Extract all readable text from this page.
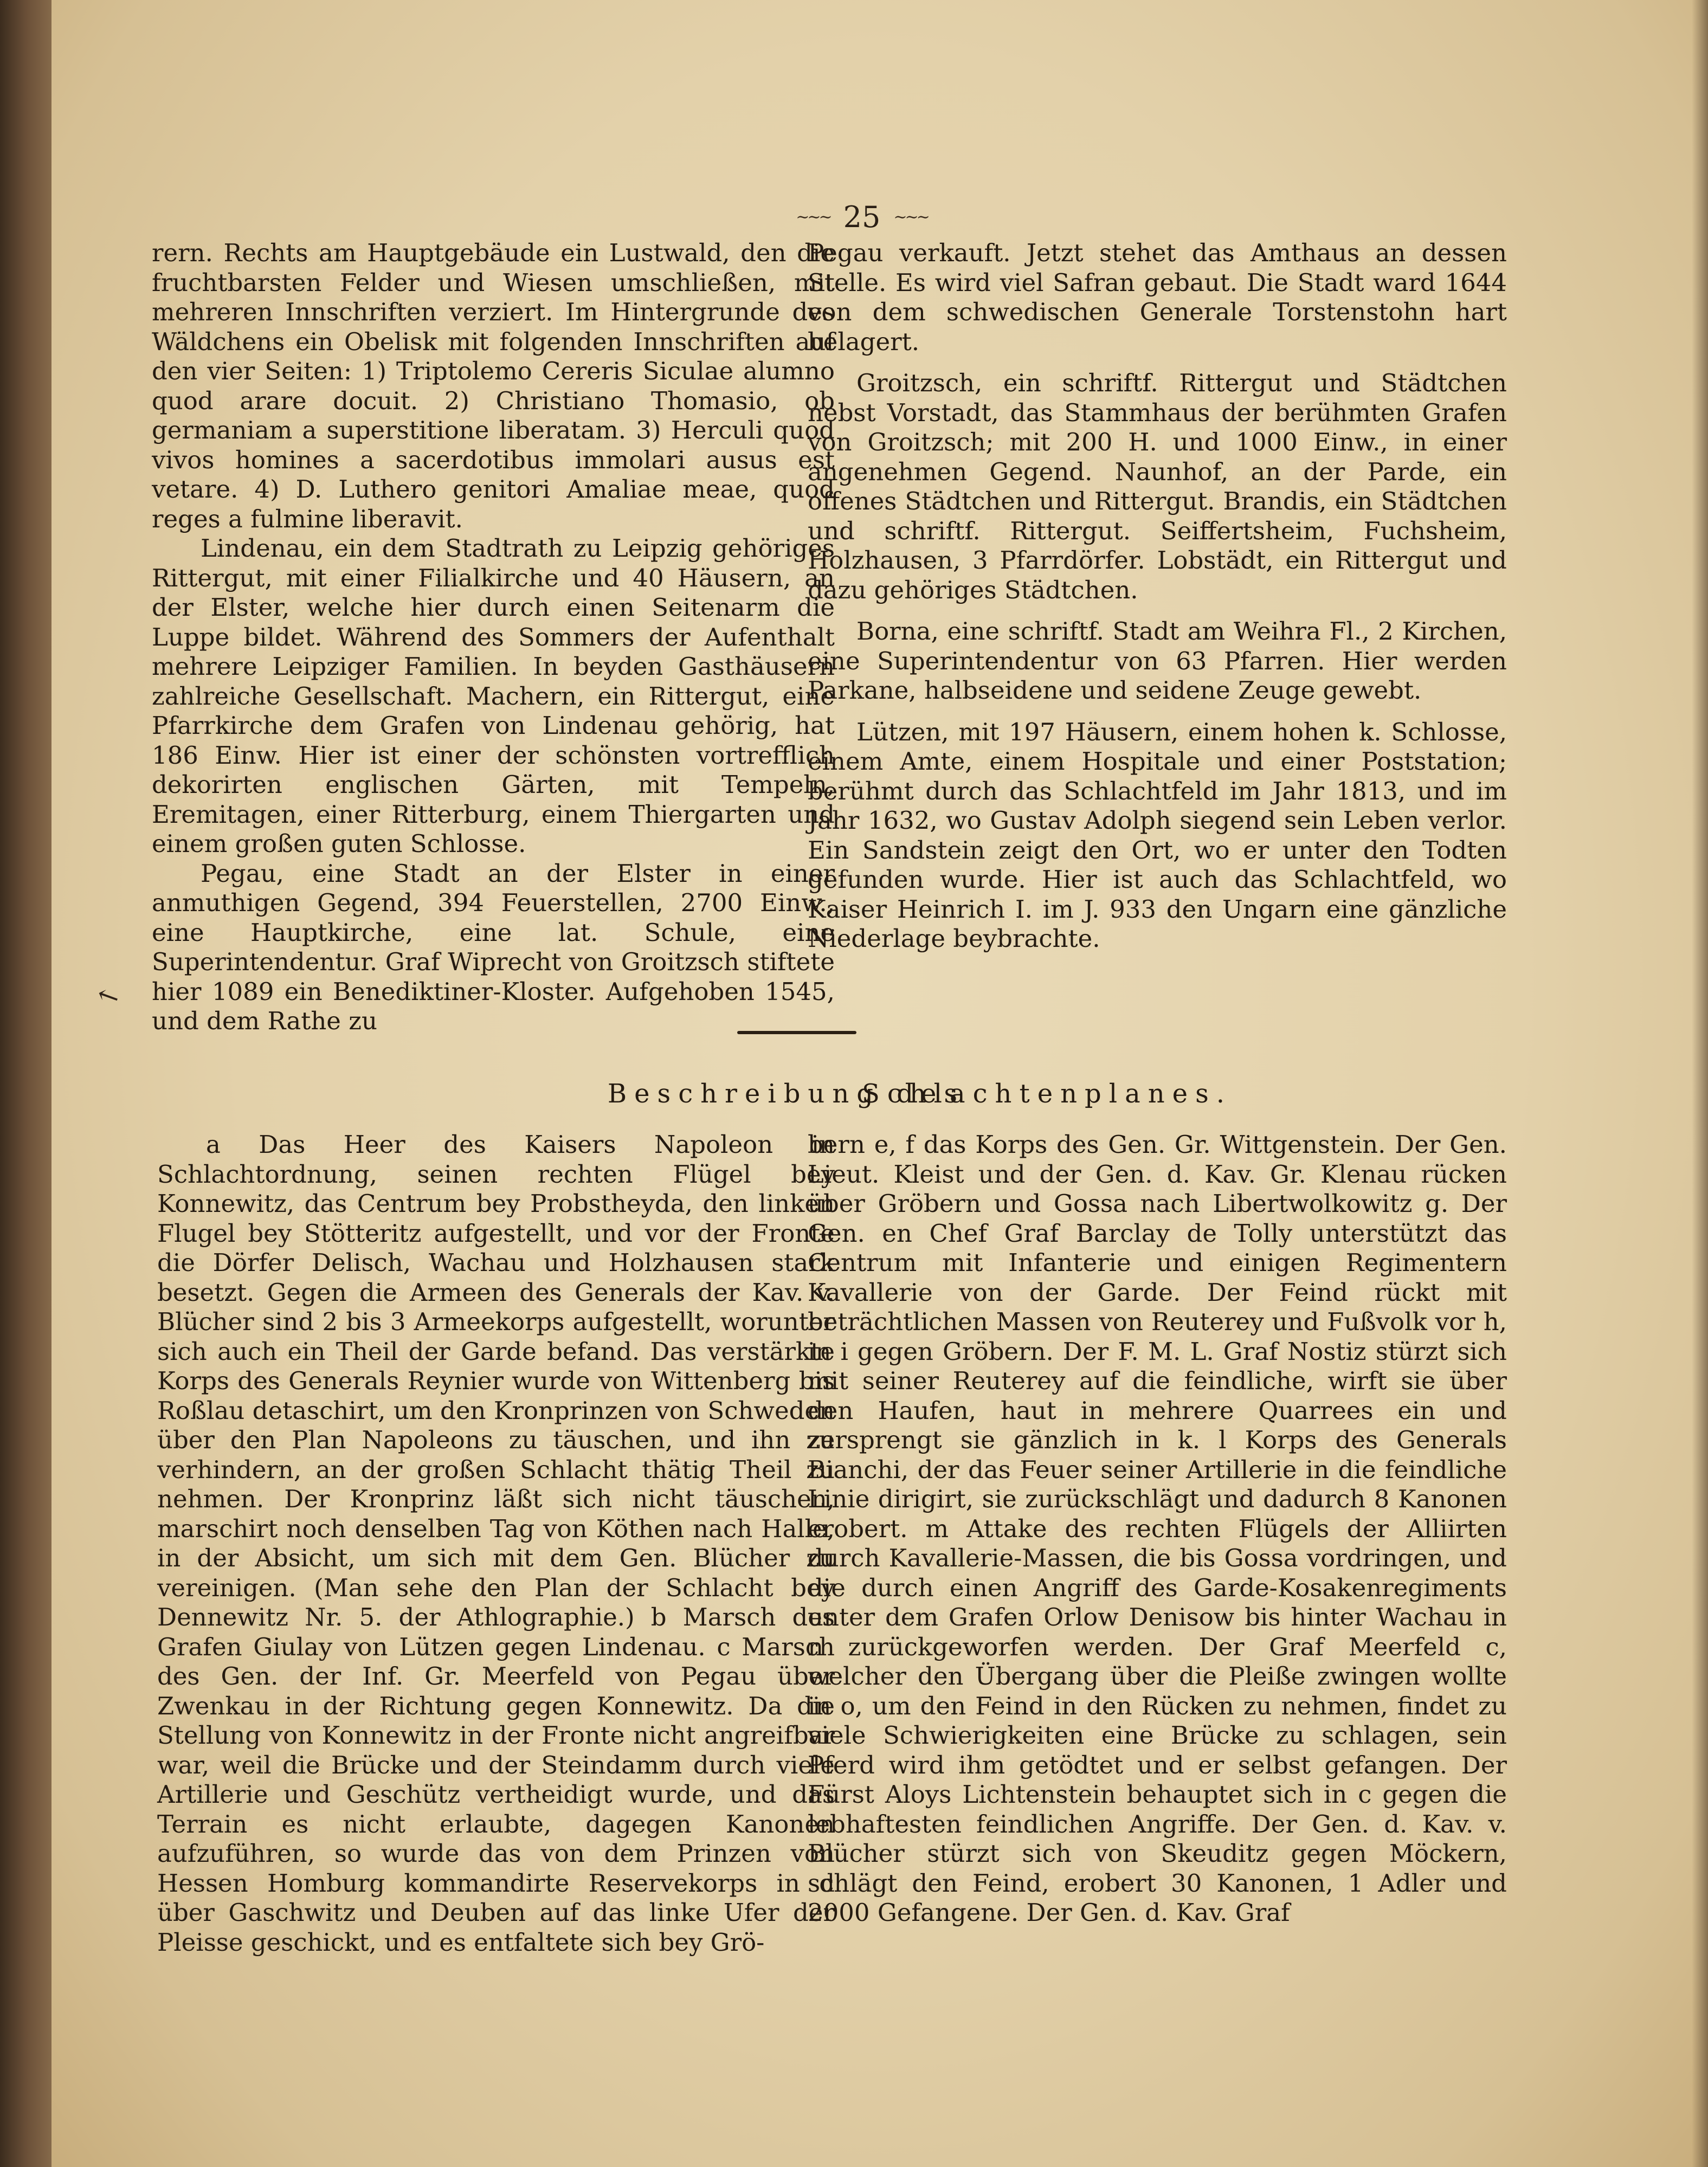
~~~ 25 ~~~

rern. Rechts am Hauptgebäude ein Lustwald, den die fruchtbarsten Felder und Wiesen umschließen, mit mehreren Innschriften verziert. Im Hintergrunde des Wäldchens ein Obelisk mit folgenden Innschriften auf den vier Seiten: 1) Triptolemo Cereris Siculae alumno quod arare docuit. 2) Christiano Thomasio, ob germaniam a superstitione liberatam. 3) Herculi quod vivos homines a sacerdotibus immolari ausus est vetare. 4) D. Luthero genitori Amaliae meae, quod reges a fulmine liberavit.

Lindenau, ein dem Stadtrath zu Leipzig gehöriges Rittergut, mit einer Filialkirche und 40 Häusern, an der Elster, welche hier durch einen Seitenarm die Luppe bildet. Während des Sommers der Aufenthalt mehrere Leipziger Familien. In beyden Gasthäusern zahlreiche Gesellschaft. Machern, ein Rittergut, eine Pfarrkirche dem Grafen von Lindenau gehörig, hat 186 Einw. Hier ist einer der schönsten vortrefflich dekorirten englischen Gärten, mit Tempeln, Eremitagen, einer Ritterburg, einem Thiergarten und einem großen guten Schlosse.

Pegau, eine Stadt an der Elster in einer anmuthigen Gegend, 394 Feuerstellen, 2700 Einw., eine Hauptkirche, eine lat. Schule, eine Superintendentur. Graf Wiprecht von Groitzsch stiftete hier 1089 ein Benediktiner-Kloster. Aufgehoben 1545, und dem Rathe zu

Pegau verkauft. Jetzt stehet das Amthaus an dessen Stelle. Es wird viel Safran gebaut. Die Stadt ward 1644 von dem schwedischen Generale Torstenstohn hart belagert.

Groitzsch, ein schriftf. Rittergut und Städtchen nebst Vorstadt, das Stammhaus der berühmten Grafen von Groitzsch; mit 200 H. und 1000 Einw., in einer angenehmen Gegend. Naunhof, an der Parde, ein offenes Städtchen und Rittergut. Brandis, ein Städtchen und schriftf. Rittergut. Seiffertsheim, Fuchsheim, Holzhausen, 3 Pfarrdörfer. Lobstädt, ein Rittergut und dazu gehöriges Städtchen.

Borna, eine schriftf. Stadt am Weihra Fl., 2 Kirchen, eine Superintendentur von 63 Pfarren. Hier werden Parkane, halbseidene und seidene Zeuge gewebt.

Lützen, mit 197 Häusern, einem hohen k. Schlosse, einem Amte, einem Hospitale und einer Poststation; berühmt durch das Schlachtfeld im Jahr 1813, und im Jahr 1632, wo Gustav Adolph siegend sein Leben verlor. Ein Sandstein zeigt den Ort, wo er unter den Todten gefunden wurde. Hier ist auch das Schlachtfeld, wo Kaiser Heinrich I. im J. 933 den Ungarn eine gänzliche Niederlage beybrachte.

←
Beschreibung des
Schlachtenplanes.

a Das Heer des Kaisers Napoleon in Schlachtordnung, seinen rechten Flügel bey Konnewitz, das Centrum bey Probstheyda, den linken Flugel bey Stötteritz aufgestellt, und vor der Fronte die Dörfer Delisch, Wachau und Holzhausen stark besetzt. Gegen die Armeen des Generals der Kav. v. Blücher sind 2 bis 3 Armeekorps aufgestellt, worunter sich auch ein Theil der Garde befand. Das verstärkte Korps des Generals Reynier wurde von Wittenberg bis Roßlau detaschirt, um den Kronprinzen von Schweden über den Plan Napoleons zu täuschen, und ihn zu verhindern, an der großen Schlacht thätig Theil zu nehmen. Der Kronprinz läßt sich nicht täuschen, marschirt noch denselben Tag von Köthen nach Halle, in der Absicht, um sich mit dem Gen. Blücher zu vereinigen. (Man sehe den Plan der Schlacht bey Dennewitz Nr. 5. der Athlographie.) b Marsch des Grafen Giulay von Lützen gegen Lindenau. c Marsch des Gen. der Inf. Gr. Meerfeld von Pegau über Zwenkau in der Richtung gegen Konnewitz. Da die Stellung von Konnewitz in der Fronte nicht angreifbar war, weil die Brücke und der Steindamm durch viele Artillerie und Geschütz vertheidigt wurde, und das Terrain es nicht erlaubte, dagegen Kanonen aufzuführen, so wurde das von dem Prinzen von Hessen Homburg kommandirte Reservekorps in d über Gaschwitz und Deuben auf das linke Ufer der Pleisse geschickt, und es entfaltete sich bey Grö-

bern e, f das Korps des Gen. Gr. Wittgenstein. Der Gen. Lieut. Kleist und der Gen. d. Kav. Gr. Klenau rücken über Gröbern und Gossa nach Libertwolkowitz g. Der Gen. en Chef Graf Barclay de Tolly unterstützt das Centrum mit Infanterie und einigen Regimentern Kavallerie von der Garde. Der Feind rückt mit beträchtlichen Massen von Reuterey und Fußvolk vor h, in i gegen Gröbern. Der F. M. L. Graf Nostiz stürzt sich mit seiner Reuterey auf die feindliche, wirft sie über den Haufen, haut in mehrere Quarrees ein und zersprengt sie gänzlich in k. l Korps des Generals Bianchi, der das Feuer seiner Artillerie in die feindliche Linie dirigirt, sie zurückschlägt und dadurch 8 Kanonen erobert. m Attake des rechten Flügels der Alliirten durch Kavallerie-Massen, die bis Gossa vordringen, und die durch einen Angriff des Garde-Kosakenregiments unter dem Grafen Orlow Denisow bis hinter Wachau in n zurückgeworfen werden. Der Graf Meerfeld c, welcher den Übergang über die Pleiße zwingen wollte in o, um den Feind in den Rücken zu nehmen, findet zu viele Schwierigkeiten eine Brücke zu schlagen, sein Pferd wird ihm getödtet und er selbst gefangen. Der Fürst Aloys Lichtenstein behauptet sich in c gegen die lebhaftesten feindlichen Angriffe. Der Gen. d. Kav. v. Blücher stürzt sich von Skeuditz gegen Möckern, schlägt den Feind, erobert 30 Kanonen, 1 Adler und 2000 Gefangene. Der Gen. d. Kav. Graf
